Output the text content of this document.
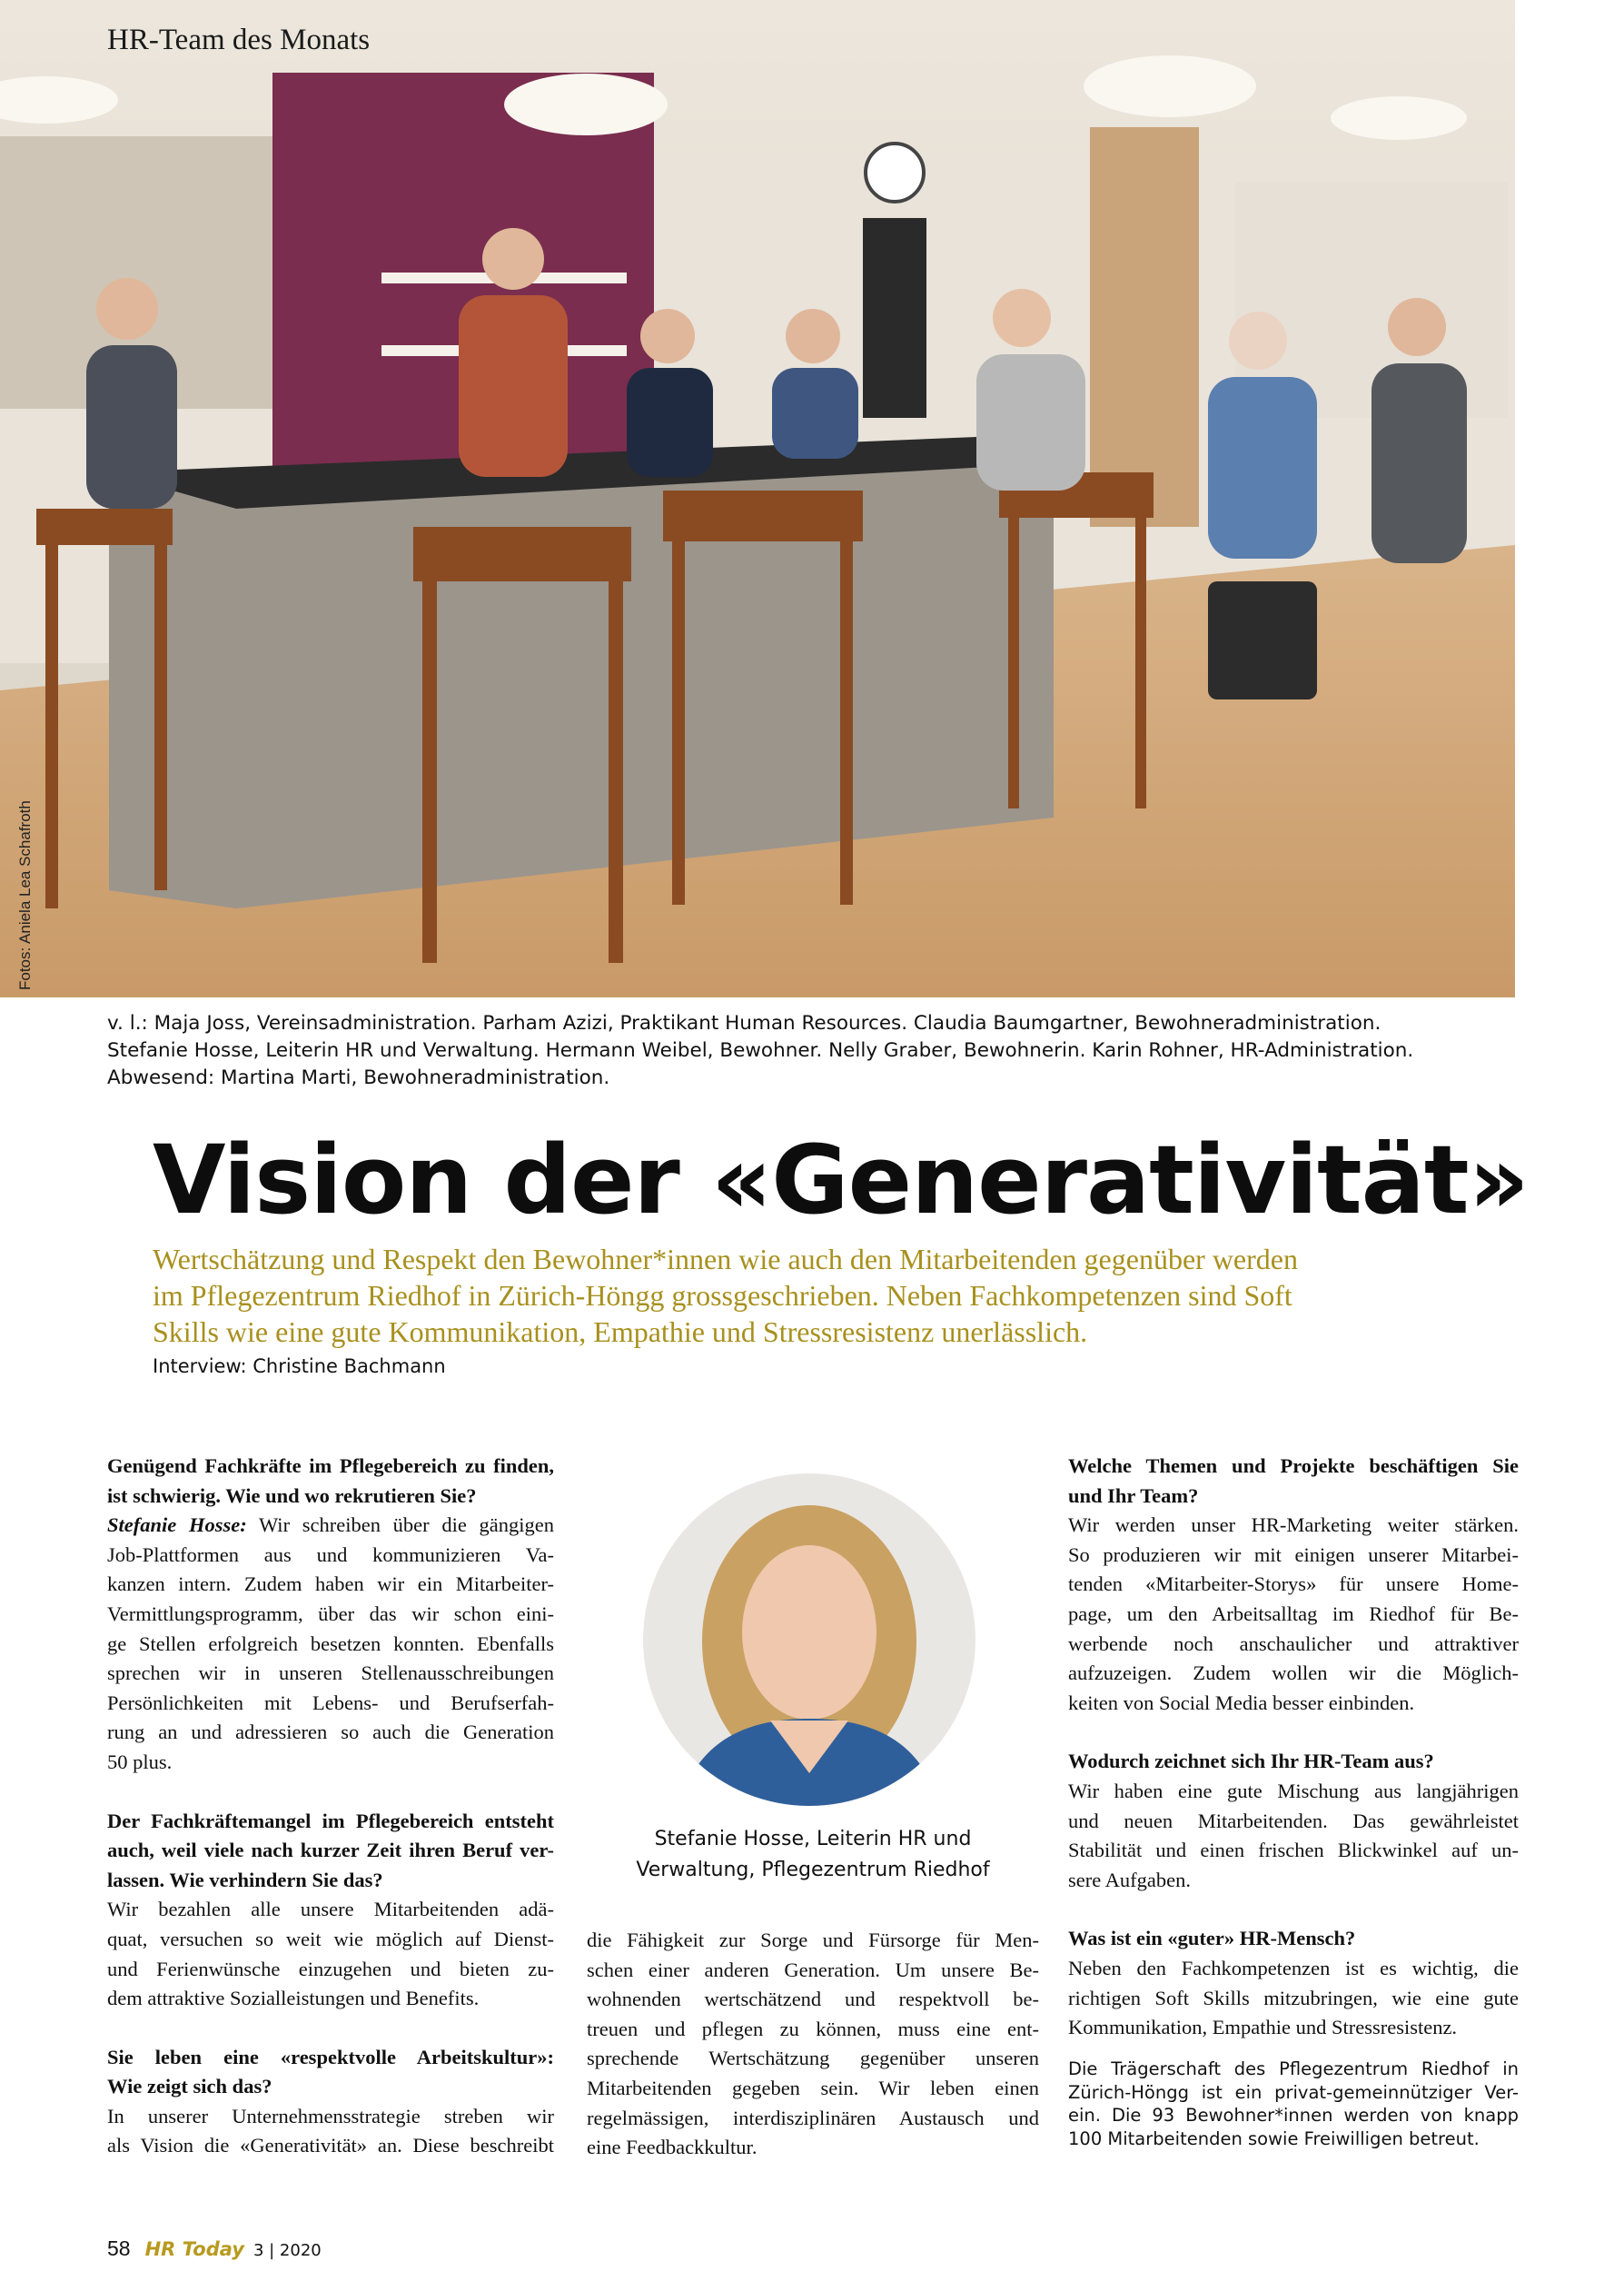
HR-Team des Monats
Fotos: Aniela Lea Schafroth
v. l.: Maja Joss, Vereinsadministration. Parham Azizi, Praktikant Human Resources. Claudia Baumgartner, Bewohneradministration.
Stefanie Hosse, Leiterin HR und Verwaltung. Hermann Weibel, Bewohner. Nelly Graber, Bewohnerin. Karin Rohner, HR-Administration.
Abwesend: Martina Marti, Bewohneradministration.
Vision der «Generativität»
Wertschätzung und Respekt den Bewohner*innen wie auch den Mitarbeitenden gegenüber werden
im Pflegezentrum Riedhof in Zürich-Höngg grossgeschrieben. Neben Fachkompetenzen sind Soft
Skills wie eine gute Kommunikation, Empathie und Stressresistenz unerlässlich.
Interview: Christine Bachmann
Genügend Fachkräfte im Pflegebereich zu finden,
ist schwierig. Wie und wo rekrutieren Sie?
Stefanie Hosse: Wir schreiben über die gängigen
Job-Plattformen aus und kommunizieren Va-
kanzen intern. Zudem haben wir ein Mitarbeiter-
Vermittlungsprogramm, über das wir schon eini-
ge Stellen erfolgreich besetzen konnten. Ebenfalls
sprechen wir in unseren Stellenausschreibungen
Persönlichkeiten mit Lebens- und Berufserfah-
rung an und adressieren so auch die Generation
50 plus.
Der Fachkräftemangel im Pflegebereich entsteht
auch, weil viele nach kurzer Zeit ihren Beruf ver-
lassen. Wie verhindern Sie das?
Wir bezahlen alle unsere Mitarbeitenden adä-
quat, versuchen so weit wie möglich auf Dienst-
und Ferienwünsche einzugehen und bieten zu-
dem attraktive Sozialleistungen und Benefits.
Sie leben eine «respektvolle Arbeitskultur»:
Wie zeigt sich das?
In unserer Unternehmensstrategie streben wir
als Vision die «Generativität» an. Diese beschreibt
Stefanie Hosse, Leiterin HR und
Verwaltung, Pflegezentrum Riedhof
die Fähigkeit zur Sorge und Fürsorge für Men-
schen einer anderen Generation. Um unsere Be-
wohnenden wertschätzend und respektvoll be-
treuen und pflegen zu können, muss eine ent-
sprechende Wertschätzung gegenüber unseren
Mitarbeitenden gegeben sein. Wir leben einen
regelmässigen, interdisziplinären Austausch und
eine Feedbackkultur.
Welche Themen und Projekte beschäftigen Sie
und Ihr Team?
Wir werden unser HR-Marketing weiter stärken.
So produzieren wir mit einigen unserer Mitarbei-
tenden «Mitarbeiter-Storys» für unsere Home-
page, um den Arbeitsalltag im Riedhof für Be-
werbende noch anschaulicher und attraktiver
aufzuzeigen. Zudem wollen wir die Möglich-
keiten von Social Media besser einbinden.
Wodurch zeichnet sich Ihr HR-Team aus?
Wir haben eine gute Mischung aus langjährigen
und neuen Mitarbeitenden. Das gewährleistet
Stabilität und einen frischen Blickwinkel auf un-
sere Aufgaben.
Was ist ein «guter» HR-Mensch?
Neben den Fachkompetenzen ist es wichtig, die
richtigen Soft Skills mitzubringen, wie eine gute
Kommunikation, Empathie und Stressresistenz.
Die Trägerschaft des Pflegezentrum Riedhof in
Zürich-Höngg ist ein privat-gemeinnütziger Ver-
ein. Die 93 Bewohner*innen werden von knapp
100 Mitarbeitenden sowie Freiwilligen betreut.
58 HR Today 3 | 2020
